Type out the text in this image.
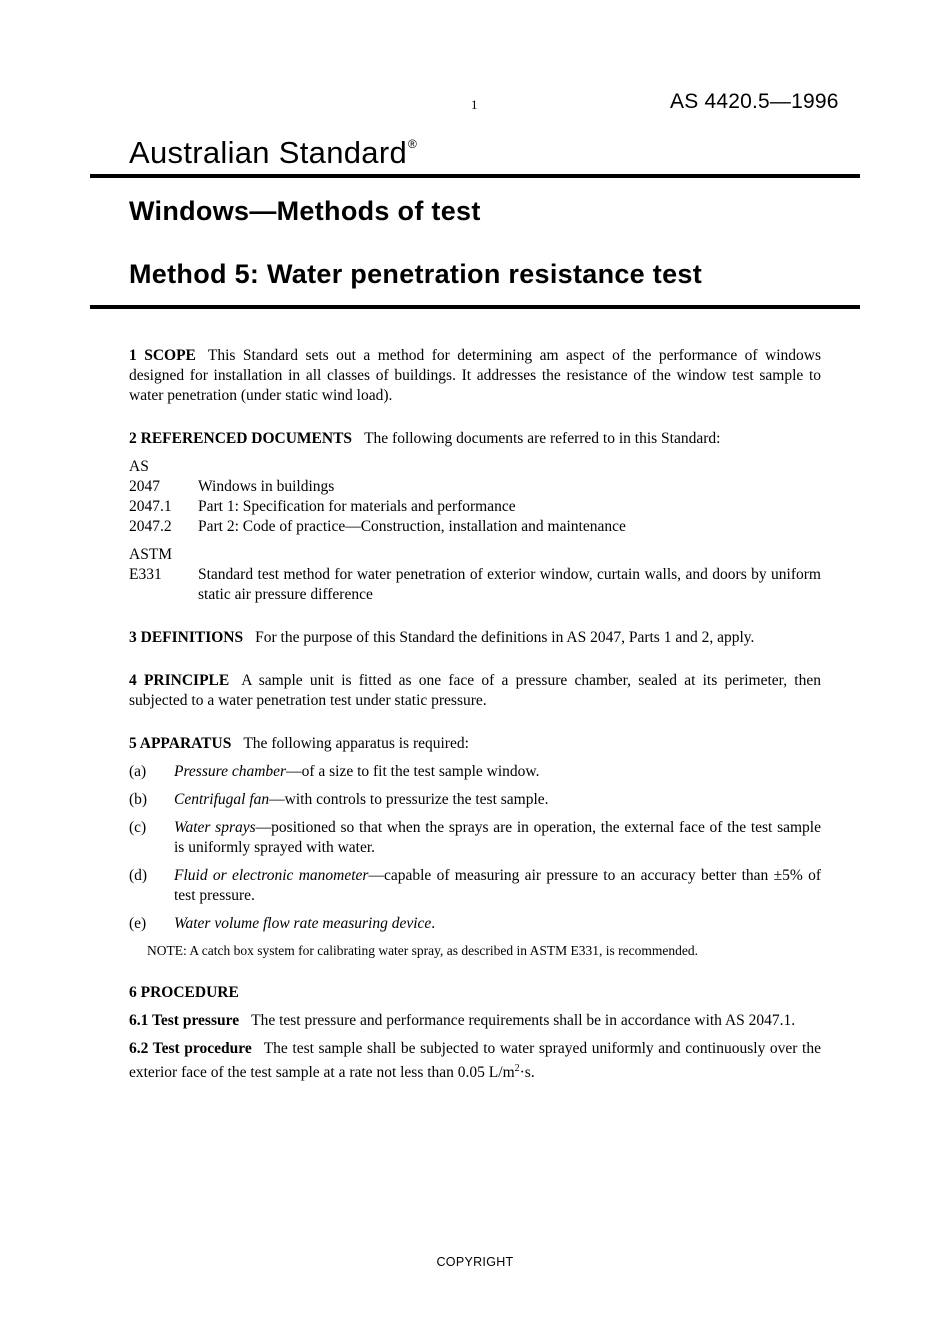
1	AS 4420.5—1996
Australian Standard®
Windows—Methods of test
Method 5: Water penetration resistance test

1 SCOPE This Standard sets out a method for determining am aspect of the performance of windows designed for installation in all classes of buildings. It addresses the resistance of the window test sample to water penetration (under static wind load).

2 REFERENCED DOCUMENTS The following documents are referred to in this Standard:

AS
2047	Windows in buildings
2047.1	Part 1: Specification for materials and performance
2047.2	Part 2: Code of practice—Construction, installation and maintenance
ASTM
E331	Standard test method for water penetration of exterior window, curtain walls, and doors by uniform static air pressure difference

3 DEFINITIONS For the purpose of this Standard the definitions in AS 2047, Parts 1 and 2, apply.

4 PRINCIPLE A sample unit is fitted as one face of a pressure chamber, sealed at its perimeter, then subjected to a water penetration test under static pressure.

5 APPARATUS The following apparatus is required:

(a)	Pressure chamber—of a size to fit the test sample window.
(b)	Centrifugal fan—with controls to pressurize the test sample.
(c)	Water sprays—positioned so that when the sprays are in operation, the external face of the test sample is uniformly sprayed with water.
(d)	Fluid or electronic manometer—capable of measuring air pressure to an accuracy better than ±5% of test pressure.
(e)	Water volume flow rate measuring device.

NOTE: A catch box system for calibrating water spray, as described in ASTM E331, is recommended.

6 PROCEDURE

6.1 Test pressure The test pressure and performance requirements shall be in accordance with AS 2047.1.

6.2 Test procedure The test sample shall be subjected to water sprayed uniformly and continuously over the exterior face of the test sample at a rate not less than 0.05 $L/m^2\cdot s$.

COPYRIGHT
